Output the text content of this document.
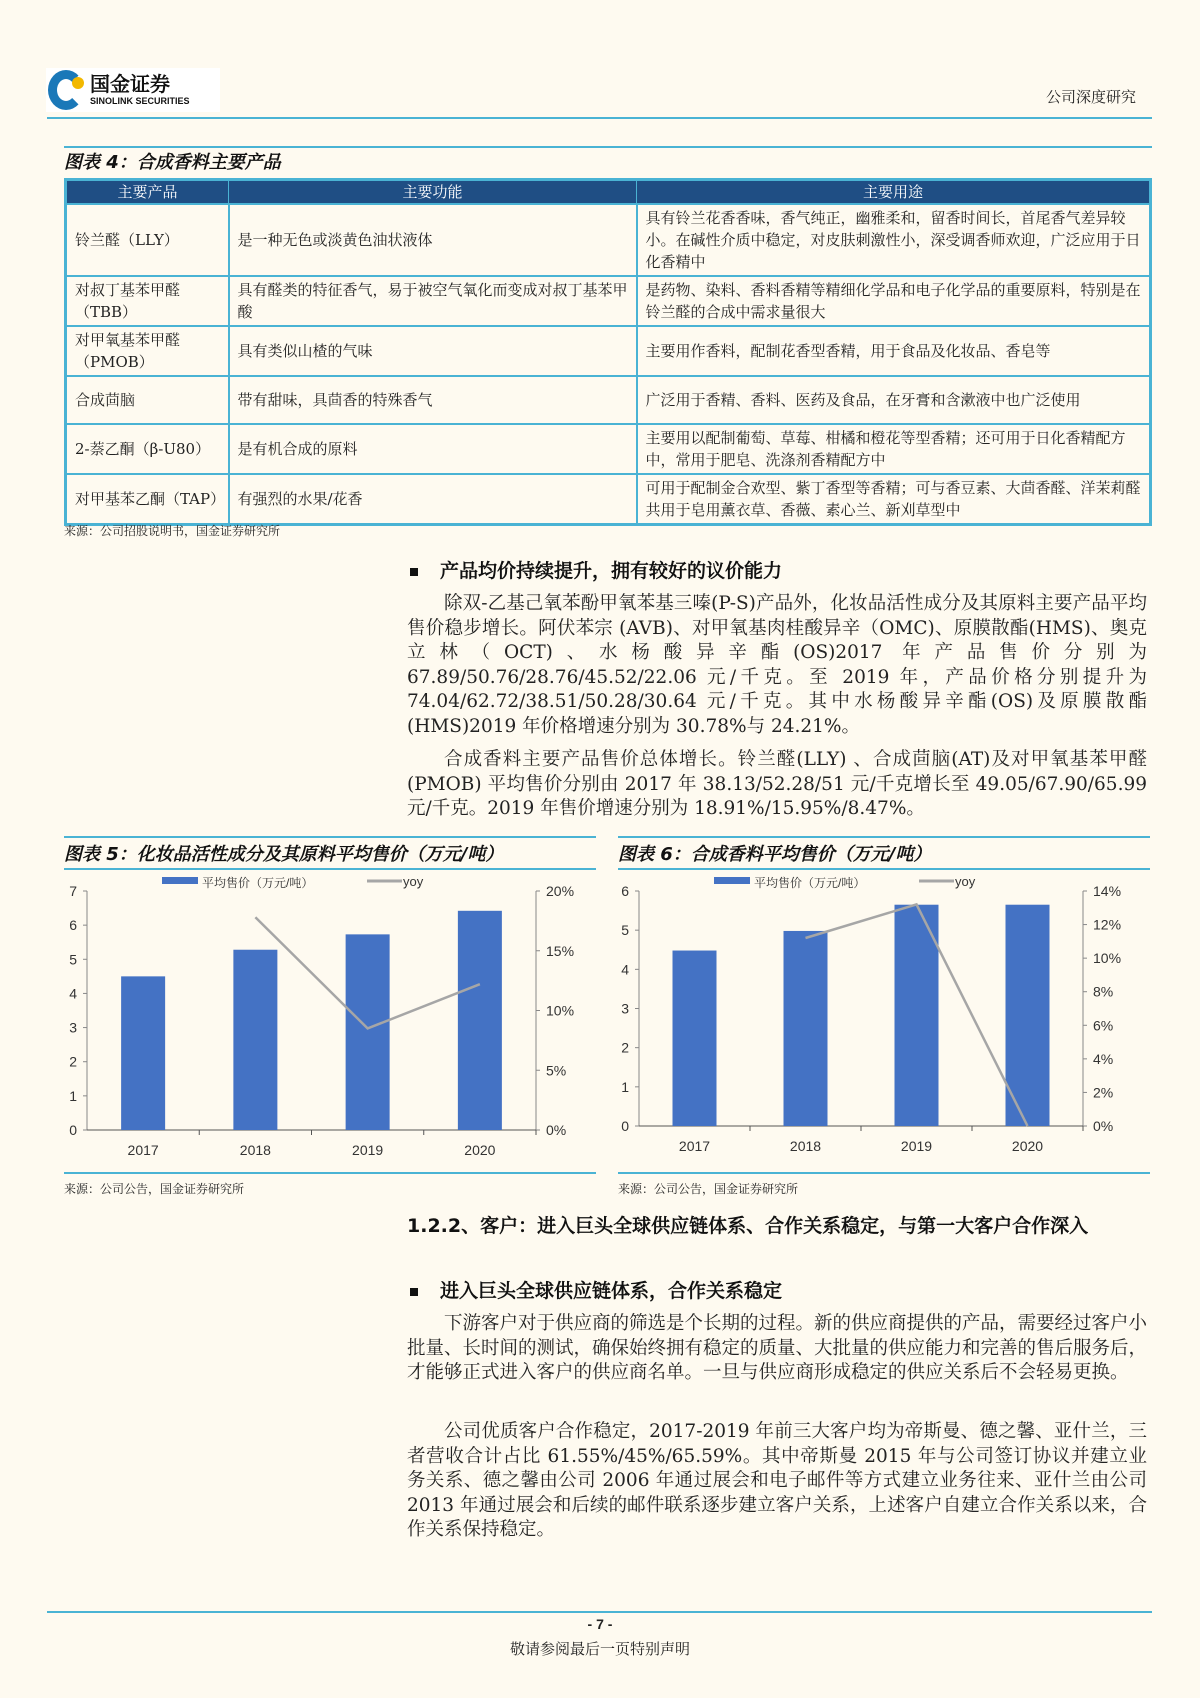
国金证券
SINOLINK SECURITIES	公司深度研究
图表 4：合成香料主要产品
主要产品	主要功能	主要用途
铃兰醛（LLY）	是一种无色或淡黄色油状液体	具有铃兰花香香味，香气纯正，幽雅柔和，留香时间长，首尾香气差异较小。在碱性介质中稳定，对皮肤刺激性小，深受调香师欢迎，广泛应用于日化香精中
对叔丁基苯甲醛（TBB）	具有醛类的特征香气，易于被空气氧化而变成对叔丁基苯甲酸	是药物、染料、香料香精等精细化学品和电子化学品的重要原料，特别是在铃兰醛的合成中需求量很大
对甲氧基苯甲醛（PMOB）	具有类似山楂的气味	主要用作香料，配制花香型香精，用于食品及化妆品、香皂等
合成茴脑	带有甜味，具茴香的特殊香气	广泛用于香精、香料、医药及食品，在牙膏和含漱液中也广泛使用
2-萘乙酮（β-U80）	是有机合成的原料	主要用以配制葡萄、草莓、柑橘和橙花等型香精；还可用于日化香精配方中，常用于肥皂、洗涤剂香精配方中
对甲基苯乙酮（TAP）	有强烈的水果/花香	可用于配制金合欢型、紫丁香型等香精；可与香豆素、大茴香醛、洋茉莉醛共用于皂用薰衣草、香薇、素心兰、新刈草型中
来源：公司招股说明书，国金证券研究所
产品均价持续提升，拥有较好的议价能力
除双-乙基己氧苯酚甲氧苯基三嗪(P-S)产品外，化妆品活性成分及其原料主要产品平均售价稳步增长。阿伏苯宗 (AVB)、对甲氧基肉桂酸异辛（OMC)、原膜散酯(HMS)、奥克立林（OCT)、水杨酸异辛酯(OS)2017 年产品售价分别为 67.89/50.76/28.76/45.52/22.06 元/千克。至 2019 年，产品价格分别提升为 74.04/62.72/38.51/50.28/30.64 元/千克。其中水杨酸异辛酯(OS)及原膜散酯(HMS)2019 年价格增速分别为 30.78%与 24.21%。
合成香料主要产品售价总体增长。铃兰醛(LLY) 、合成茴脑(AT)及对甲氧基苯甲醛(PMOB) 平均售价分别由 2017 年 38.13/52.28/51 元/千克增长至 49.05/67.90/65.99 元/千克。2019 年售价增速分别为 18.91%/15.95%/8.47%。
图表 5：化妆品活性成分及其原料平均售价（万元/吨）	图表 6：合成香料平均售价（万元/吨）
0
1
2
3
4
5
6
7
0%
5%
10%
15%
20%
2017	2018	2019	2020
平均售价（万元/吨）	yoy
0
1
2
3
4
5
6
0%
2%
4%
6%
8%
10%
12%
14%
2017	2018	2019	2020
平均售价（万元/吨）	yoy
来源：公司公告，国金证券研究所	来源：公司公告，国金证券研究所
1.2.2、客户：进入巨头全球供应链体系、合作关系稳定，与第一大客户合作深入
进入巨头全球供应链体系，合作关系稳定
下游客户对于供应商的筛选是个长期的过程。新的供应商提供的产品，需要经过客户小批量、长时间的测试，确保始终拥有稳定的质量、大批量的供应能力和完善的售后服务后，才能够正式进入客户的供应商名单。一旦与供应商形成稳定的供应关系后不会轻易更换。
公司优质客户合作稳定，2017-2019 年前三大客户均为帝斯曼、德之馨、亚什兰，三者营收合计占比 61.55%/45%/65.59%。其中帝斯曼 2015 年与公司签订协议并建立业务关系、德之馨由公司 2006 年通过展会和电子邮件等方式建立业务往来、亚什兰由公司 2013 年通过展会和后续的邮件联系逐步建立客户关系，上述客户自建立合作关系以来，合作关系保持稳定。
- 7 -
敬请参阅最后一页特别声明
